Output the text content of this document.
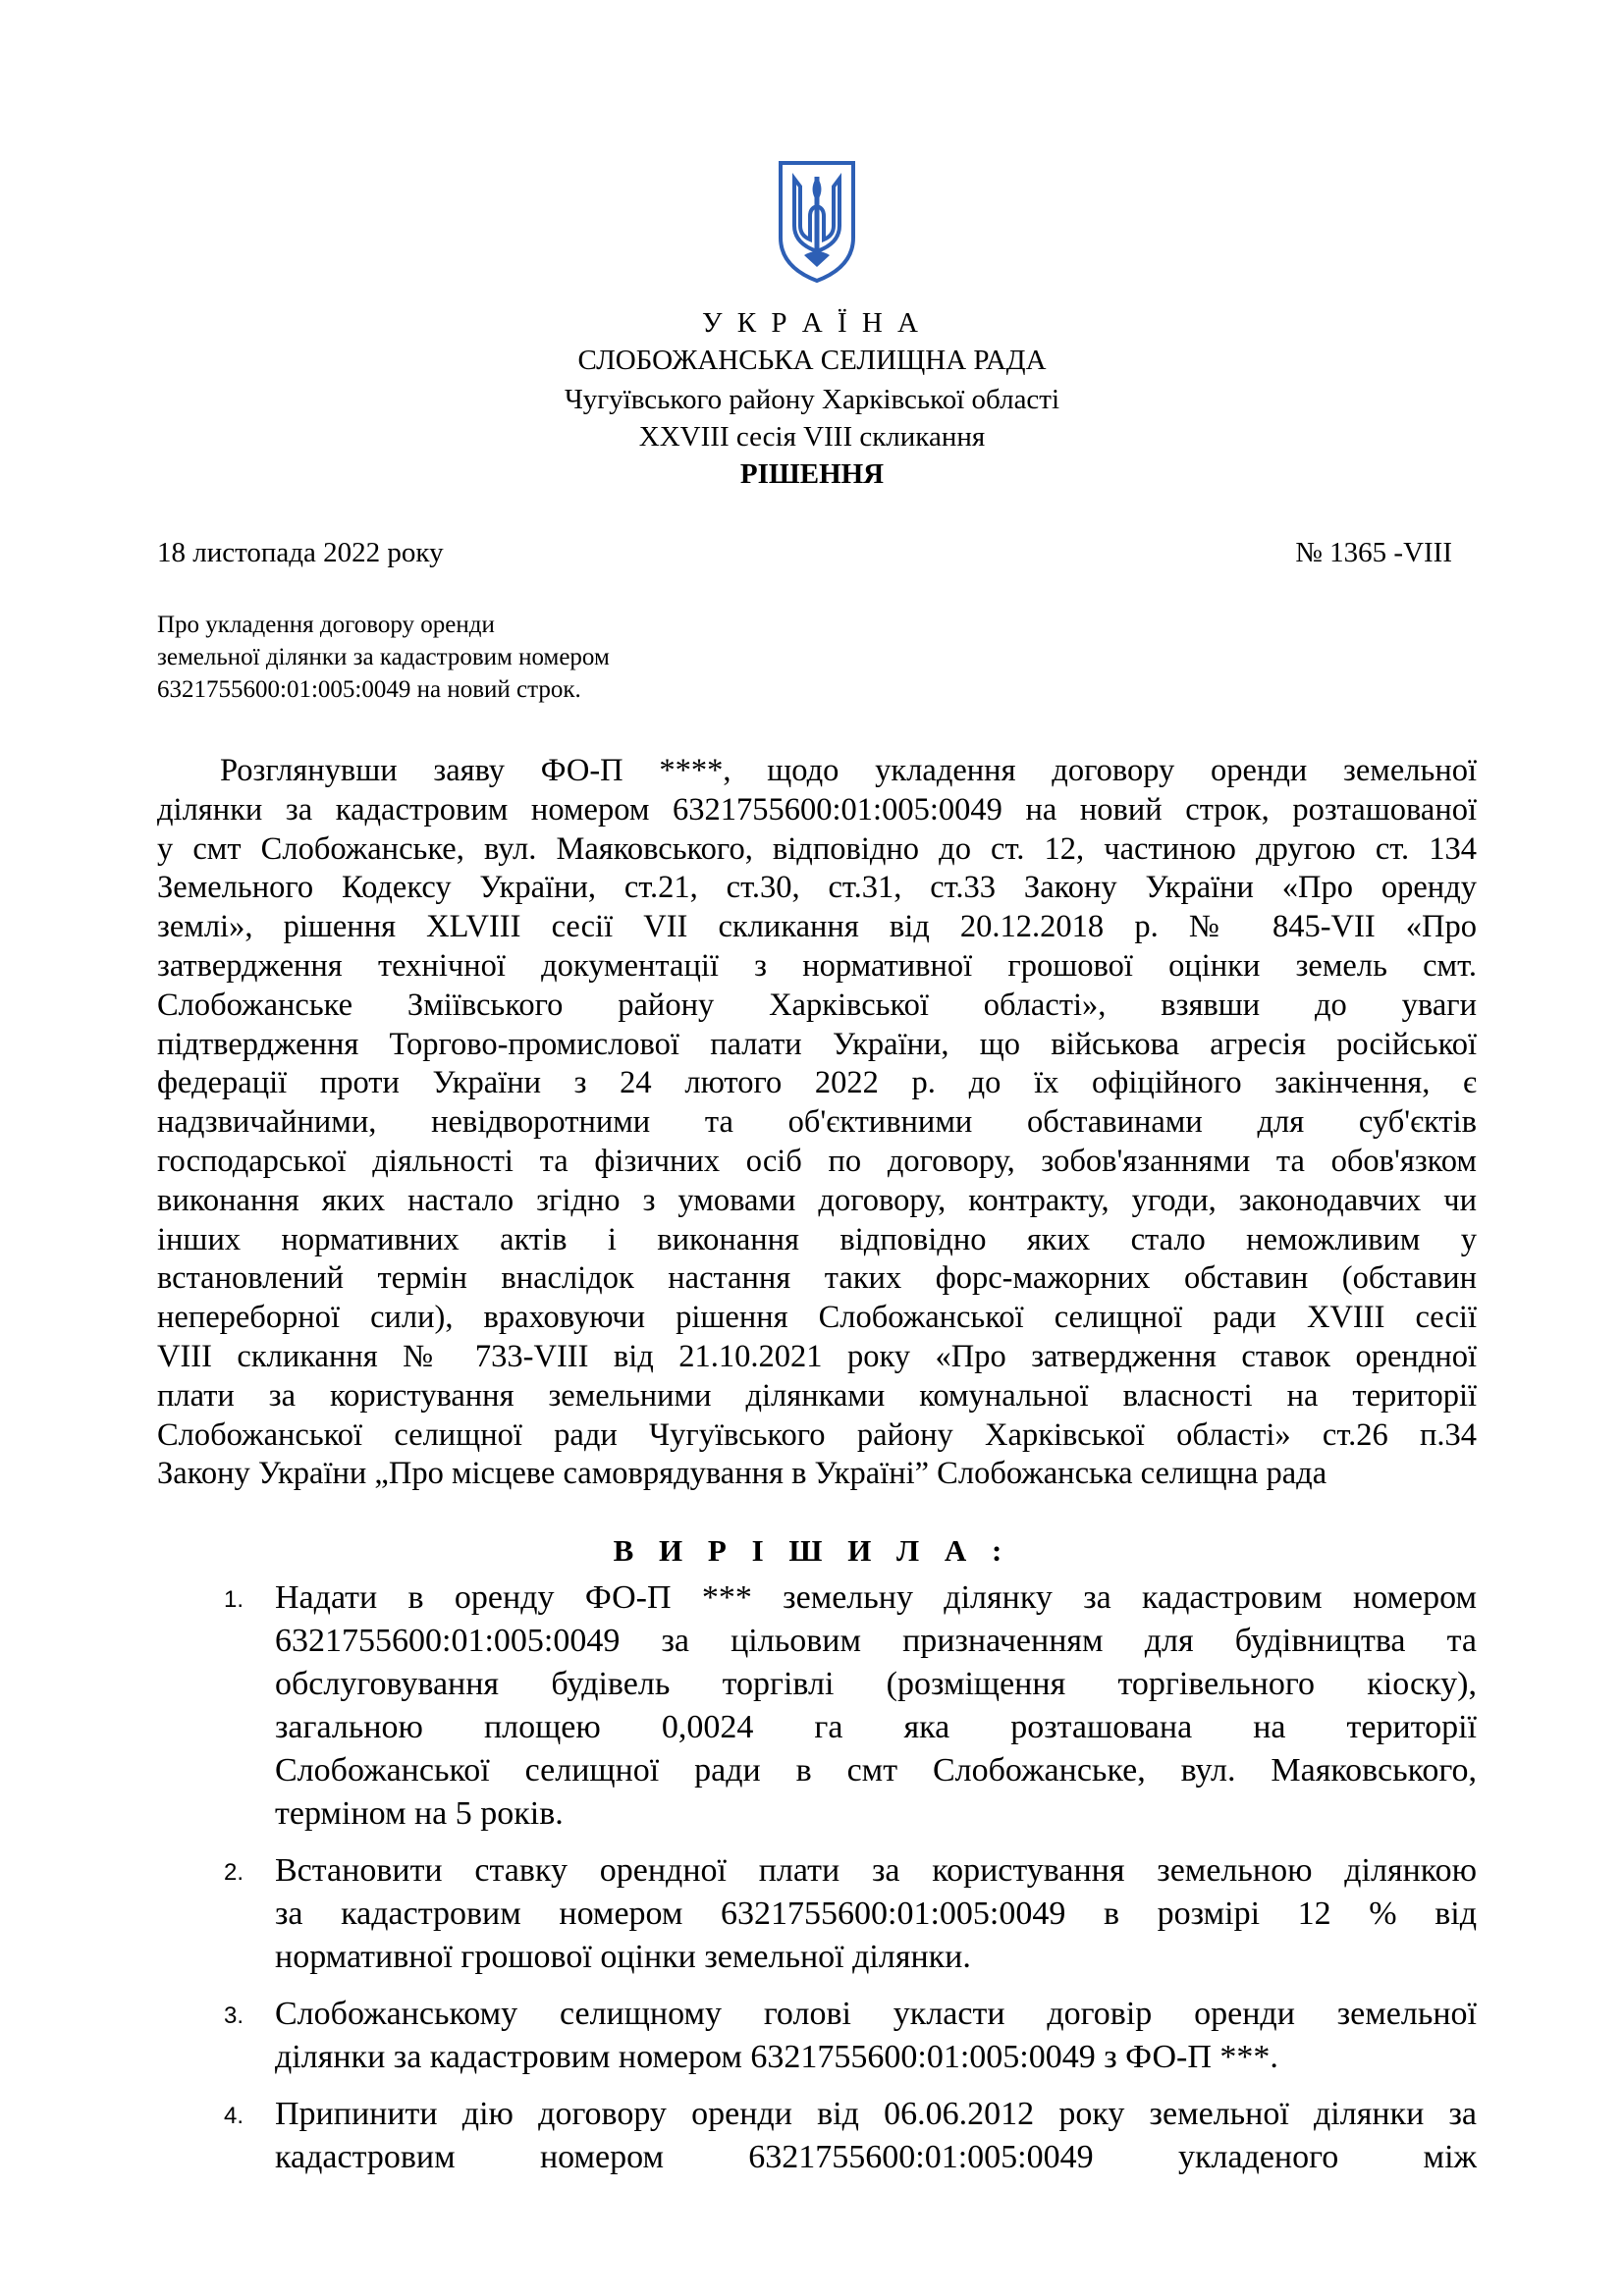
У К Р А Ї Н А
СЛОБОЖАНСЬКА СЕЛИЩНА РАДА
Чугуївського району Харківської області
XXVIII сесія VIII скликання
РІШЕННЯ
18 листопада 2022 року	№ 1365 -VIII
Про укладення договору оренди
земельної ділянки за кадастровим номером
6321755600:01:005:0049 на новий строк.
Розглянувши заяву ФО-П ****, щодо укладення договору оренди земельної
ділянки за кадастровим номером 6321755600:01:005:0049 на новий строк, розташованої
у смт Слобожанське, вул. Маяковського, відповідно до ст. 12, частиною другою ст. 134
Земельного Кодексу України, ст.21, ст.30, ст.31, ст.33 Закону України «Про оренду
землі», рішення XLVIII сесії VII скликання від 20.12.2018 р. № 845-VII «Про
затвердження технічної документації з нормативної грошової оцінки земель смт.
Слобожанське Зміївського району Харківської області», взявши до уваги
підтвердження Торгово-промислової палати України, що військова агресія російської
федерації проти України з 24 лютого 2022 р. до їх офіційного закінчення, є
надзвичайними, невідворотними та об'єктивними обставинами для суб'єктів
господарської діяльності та фізичних осіб по договору, зобов'язаннями та обов'язком
виконання яких настало згідно з умовами договору, контракту, угоди, законодавчих чи
інших нормативних актів і виконання відповідно яких стало неможливим у
встановлений термін внаслідок настання таких форс-мажорних обставин (обставин
непереборної сили), враховуючи рішення Слобожанської селищної ради XVIII сесії
VIII скликання № 733-VIII від 21.10.2021 року «Про затвердження ставок орендної
плати за користування земельними ділянками комунальної власності на території
Слобожанської селищної ради Чугуївського району Харківської області» ст.26 п.34
Закону України „Про місцеве самоврядування в Україні” Слобожанська селищна рада
В И Р І Ш И Л А :
1. Надати в оренду ФО-П *** земельну ділянку за кадастровим номером
6321755600:01:005:0049 за цільовим призначенням для будівництва та
обслуговування будівель торгівлі (розміщення торгівельного кіоску),
загальною площею 0,0024 га яка розташована на території
Слобожанської селищної ради в смт Слобожанське, вул. Маяковського,
терміном на 5 років.
2. Встановити ставку орендної плати за користування земельною ділянкою
за кадастровим номером 6321755600:01:005:0049 в розмірі 12 % від
нормативної грошової оцінки земельної ділянки.
3. Слобожанському селищному голові укласти договір оренди земельної
ділянки за кадастровим номером 6321755600:01:005:0049 з ФО-П ***.
4. Припинити дію договору оренди від 06.06.2012 року земельної ділянки за
кадастровим номером 6321755600:01:005:0049 укладеного між
